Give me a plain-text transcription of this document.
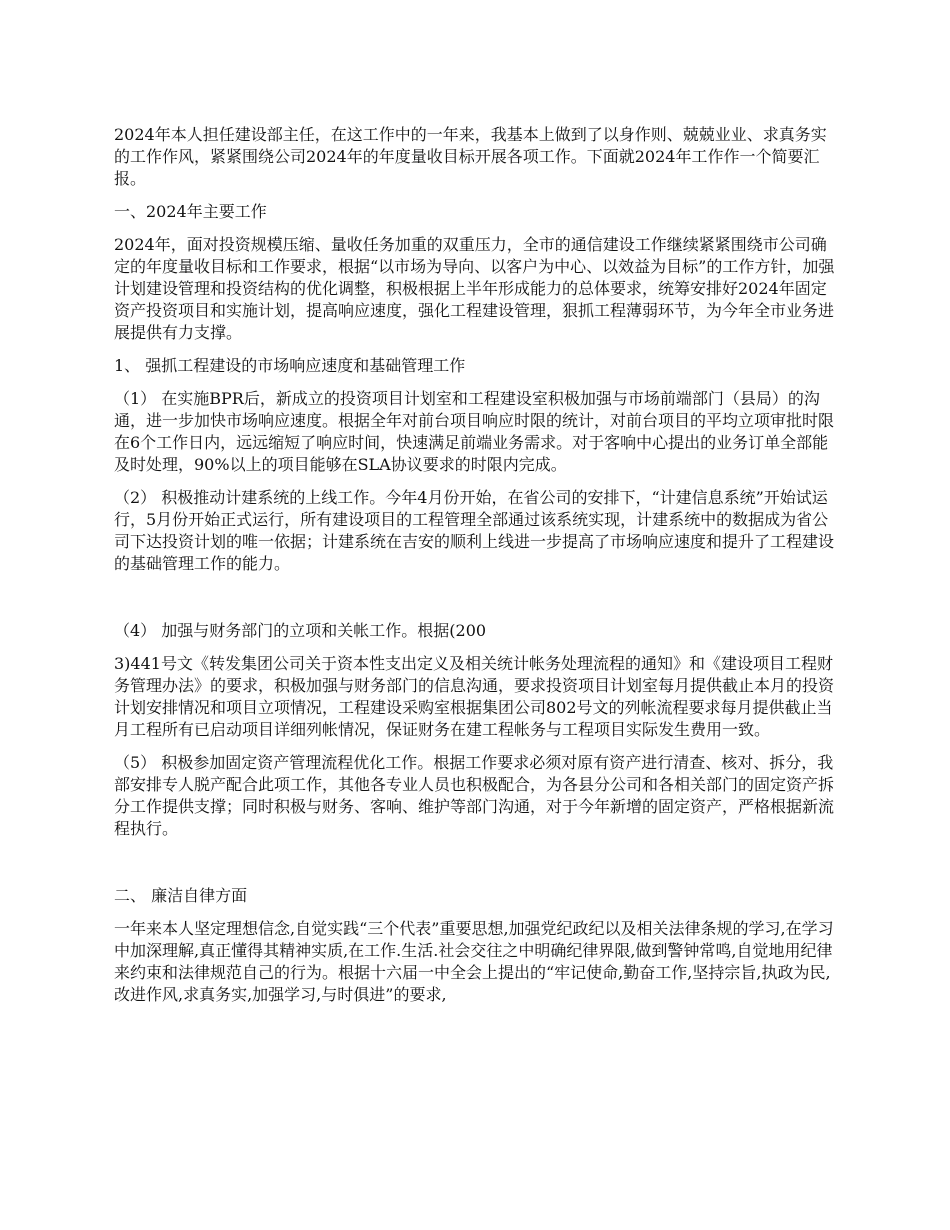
2024年本人担任建设部主任，在这工作中的一年来，我基本上做到了以身作则、兢兢业业、求真务实的工作作风，紧紧围绕公司2024年的年度量收目标开展各项工作。下面就2024年工作作一个简要汇报。

一、2024年主要工作

2024年，面对投资规模压缩、量收任务加重的双重压力，全市的通信建设工作继续紧紧围绕市公司确定的年度量收目标和工作要求，根据“以市场为导向、以客户为中心、以效益为目标”的工作方针，加强计划建设管理和投资结构的优化调整，积极根据上半年形成能力的总体要求，统筹安排好2024年固定资产投资项目和实施计划，提高响应速度，强化工程建设管理，狠抓工程薄弱环节，为今年全市业务进展提供有力支撑。

1、 强抓工程建设的市场响应速度和基础管理工作

（1） 在实施BPR后，新成立的投资项目计划室和工程建设室积极加强与市场前端部门（县局）的沟通，进一步加快市场响应速度。根据全年对前台项目响应时限的统计，对前台项目的平均立项审批时限在6个工作日内，远远缩短了响应时间，快速满足前端业务需求。对于客响中心提出的业务订单全部能及时处理，90%以上的项目能够在SLA协议要求的时限内完成。

（2） 积极推动计建系统的上线工作。今年4月份开始，在省公司的安排下，“计建信息系统”开始试运行，5月份开始正式运行，所有建设项目的工程管理全部通过该系统实现，计建系统中的数据成为省公司下达投资计划的唯一依据；计建系统在吉安的顺利上线进一步提高了市场响应速度和提升了工程建设的基础管理工作的能力。

（4） 加强与财务部门的立项和关帐工作。根据(200

3)441号文《转发集团公司关于资本性支出定义及相关统计帐务处理流程的通知》和《建设项目工程财务管理办法》的要求，积极加强与财务部门的信息沟通，要求投资项目计划室每月提供截止本月的投资计划安排情况和项目立项情况，工程建设采购室根据集团公司802号文的列帐流程要求每月提供截止当月工程所有已启动项目详细列帐情况，保证财务在建工程帐务与工程项目实际发生费用一致。

（5） 积极参加固定资产管理流程优化工作。根据工作要求必须对原有资产进行清查、核对、拆分，我部安排专人脱产配合此项工作，其他各专业人员也积极配合，为各县分公司和各相关部门的固定资产拆分工作提供支撑；同时积极与财务、客响、维护等部门沟通，对于今年新增的固定资产，严格根据新流程执行。

二、 廉洁自律方面

一年来本人坚定理想信念,自觉实践“三个代表”重要思想,加强党纪政纪以及相关法律条规的学习,在学习中加深理解,真正懂得其精神实质,在工作.生活.社会交往之中明确纪律界限,做到警钟常鸣,自觉地用纪律来约束和法律规范自己的行为。根据十六届一中全会上提出的“牢记使命,勤奋工作,坚持宗旨,执政为民,改进作风,求真务实,加强学习,与时俱进”的要求,
